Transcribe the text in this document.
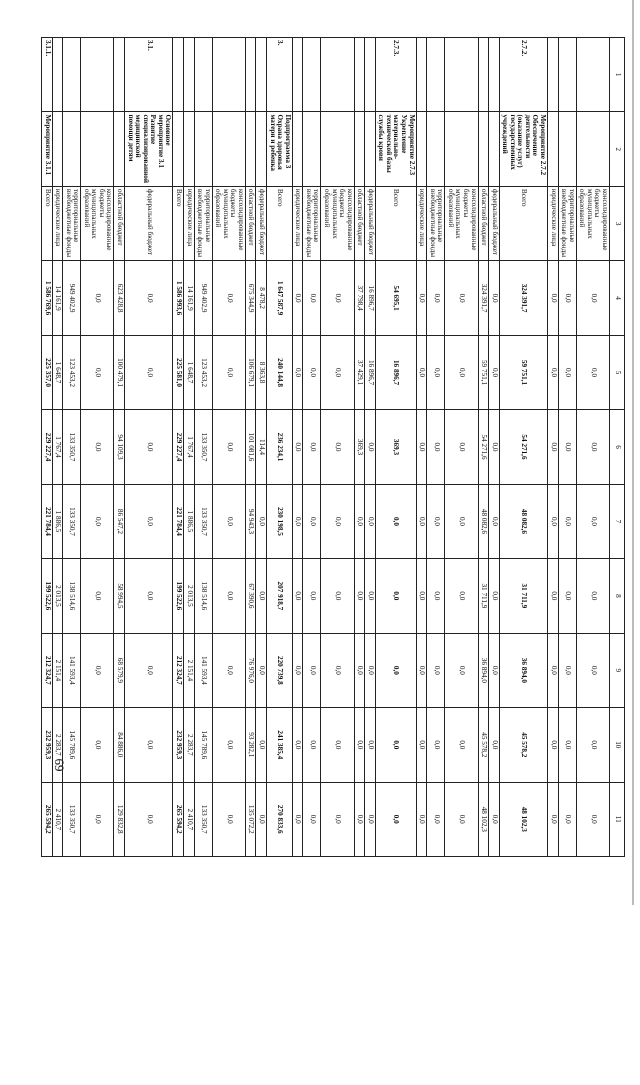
69
1	2	3	4	5	6	7	8	9	10	11
		консолидированные бюджеты муниципальных образований	0,0	0,0	0,0	0,0	0,0	0,0	0,0	0,0
		территориальные внебюджетные фонды	0,0	0,0	0,0	0,0	0,0	0,0	0,0	0,0
		юридические лица	0,0	0,0	0,0	0,0	0,0	0,0	0,0	0,0
2.7.2.	Мероприятие 2.7.2 Обеспечение деятельности (оказание услуг) государственных учреждений	Всего	324 391,7	59 751,1	54 271,6	48 082,6	31 711,9	36 894,0	45 578,2	48 102,3
		федеральный бюджет	0,0	0,0	0,0	0,0	0,0	0,0	0,0	0,0
		областной бюджет	324 391,7	59 751,1	54 271,6	48 082,6	31 711,9	36 894,0	45 578,2	48 102,3
		консолидированные бюджеты муниципальных образований	0,0	0,0	0,0	0,0	0,0	0,0	0,0	0,0
		территориальные внебюджетные фонды	0,0	0,0	0,0	0,0	0,0	0,0	0,0	0,0
		юридические лица	0,0	0,0	0,0	0,0	0,0	0,0	0,0	0,0
2.7.3.	Мероприятие 2.7.3 Укрепление материально-технической базы службы крови	Всего	54 695,1	16 896,7	369,3	0,0	0,0	0,0	0,0	0,0
		федеральный бюджет	16 896,7	16 896,7	0,0	0,0	0,0	0,0	0,0	0,0
		областной бюджет	37 798,4	37 429,1	369,3	0,0	0,0	0,0	0,0	0,0
		консолидированные бюджеты муниципальных образований	0,0	0,0	0,0	0,0	0,0	0,0	0,0	0,0
		территориальные внебюджетные фонды	0,0	0,0	0,0	0,0	0,0	0,0	0,0	0,0
		юридические лица	0,0	0,0	0,0	0,0	0,0	0,0	0,0	0,0
3.	Подпрограмма 3 Охрана здоровья матери и ребенка	Всего	1 647 587,9	240 144,8	236 234,1	230 198,5	207 918,7	220 739,8	241 385,4	270 833,6
		федеральный бюджет	8 478,2	8 363,8	114,4	0,0	0,0	0,0	0,0	0,0
		областной бюджет	675 344,9	106 679,1	101 081,6	94 943,3	67 390,6	76 976,0	93 282,1	135 072,2
		консолидированные бюджеты муниципальных образований	0,0	0,0	0,0	0,0	0,0	0,0	0,0	0,0
		территориальные внебюджетные фонды	949 402,9	123 453,2	133 350,7	133 350,7	138 514,6	141 593,4	145 789,6	133 350,7
		юридические лица	14 161,9	1 648,7	1 767,4	1 886,5	2 013,5	2 151,4	2 283,7	2 410,7
		Всего	1 586 993,6	225 581,0	229 227,4	221 784,4	199 522,6	212 324,7	232 959,3	265 594,2
3.1.	Основное мероприятие 3.1 Развитие специализированной медицинской помощи детям	федеральный бюджет	0,0	0,0	0,0	0,0	0,0	0,0	0,0	0,0
		областной бюджет	623 428,8	100 479,1	94 109,3	86 547,2	58 994,5	68 579,9	84 886,0	129 832,8
		консолидированные бюджеты муниципальных образований	0,0	0,0	0,0	0,0	0,0	0,0	0,0	0,0
		территориальные внебюджетные фонды	949 402,9	123 453,2	133 350,7	133 350,7	138 514,6	141 593,4	145 789,6	133 350,7
		юридические лица	14 161,9	1 648,7	1 767,4	1 886,5	2 013,5	2 151,4	2 283,7	2 410,7
3.1.1.	Мероприятие 3.1.1	Всего	1 586 769,6	225 357,0	229 227,4	221 784,4	199 522,6	212 324,7	232 959,3	265 594,2
